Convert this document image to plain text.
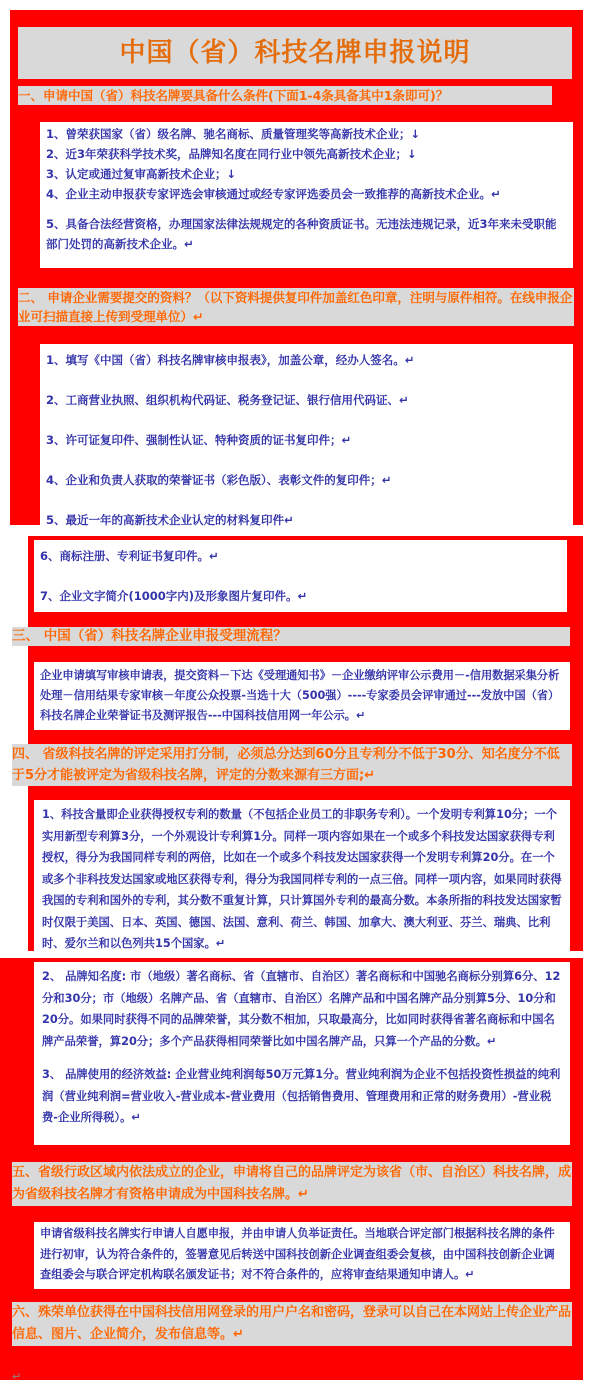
中国（省）科技名牌申报说明
一、申请中国（省）科技名牌要具备什么条件(下面1-4条具备其中1条即可)？

1、曾荣获国家（省）级名牌、驰名商标、质量管理奖等高新技术企业；↓

2、近3年荣获科学技术奖，品牌知名度在同行业中领先高新技术企业；↓

3、认定或通过复审高新技术企业；↓

4、企业主动申报获专家评选会审核通过或经专家评选委员会一致推荐的高新技术企业。↵

5、具备合法经营资格，办理国家法律法规规定的各种资质证书。无违法违规记录，近3年来未受职能部门处罚的高新技术企业。↵

二、 申请企业需要提交的资料？（以下资料提供复印件加盖红色印章，注明与原件相符。在线申报企业可扫描直接上传到受理单位）↵

1、填写《中国（省）科技名牌审核申报表》，加盖公章，经办人签名。↵

2、工商营业执照、组织机构代码证、税务登记证、银行信用代码证、↵

3、许可证复印件、强制性认证、特种资质的证书复印件；↵

4、企业和负责人获取的荣誉证书（彩色版）、表彰文件的复印件；↵

5、最近一年的高新技术企业认定的材料复印件↵

6、商标注册、专利证书复印件。↵

7、企业文字简介(1000字内)及形象图片复印件。↵

三、 中国（省）科技名牌企业申报受理流程？

企业申请填写审核申请表，提交资料－下达《受理通知书》－企业缴纳评审公示费用－-信用数据采集分析处理－信用结果专家审核－年度公众投票-当选十大（500强）----专家委员会评审通过---发放中国（省）科技名牌企业荣誉证书及测评报告---中国科技信用网一年公示。↵

四、 省级科技名牌的评定采用打分制，必须总分达到60分且专利分不低于30分、知名度分不低于5分才能被评定为省级科技名牌，评定的分数来源有三方面;↵

1、科技含量即企业获得授权专利的数量（不包括企业员工的非职务专利）。一个发明专利算10分；一个实用新型专利算3分，一个外观设计专利算1分。同样一项内容如果在一个或多个科技发达国家获得专利授权，得分为我国同样专利的两倍，比如在一个或多个科技发达国家获得一个发明专利算20分。在一个或多个非科技发达国家或地区获得专利，得分为我国同样专利的一点三倍。同样一项内容，如果同时获得我国的专利和国外的专利，其分数不重复计算，只计算国外专利的最高分数。本条所指的科技发达国家暂时仅限于美国、日本、英国、德国、法国、意利、荷兰、韩国、加拿大、澳大利亚、芬兰、瑞典、比利时、爱尔兰和以色列共15个国家。↵

2、 品牌知名度: 市（地级）著名商标、省（直辖市、自治区）著名商标和中国驰名商标分别算6分、12分和30分；市（地级）名牌产品、省（直辖市、自治区）名牌产品和中国名牌产品分别算5分、10分和20分。如果同时获得不同的品牌荣誉，其分数不相加，只取最高分，比如同时获得省著名商标和中国名牌产品荣誉，算20分；多个产品获得相同荣誉比如中国名牌产品，只算一个产品的分数。↵

3、 品牌使用的经济效益: 企业营业纯利润每50万元算1分。营业纯利润为企业不包括投资性损益的纯利润（营业纯利润=营业收入-营业成本-营业费用（包括销售费用、管理费用和正常的财务费用）-营业税费-企业所得税）。↵

五、省级行政区域内依法成立的企业，申请将自己的品牌评定为该省（市、自治区）科技名牌，成为省级科技名牌才有资格申请成为中国科技名牌。↵

申请省级科技名牌实行申请人自愿申报，并由申请人负举证责任。当地联合评定部门根据科技名牌的条件进行初审，认为符合条件的，签署意见后转送中国科技创新企业调查组委会复核，由中国科技创新企业调查组委会与联合评定机构联名颁发证书；对不符合条件的，应将审查结果通知申请人。↵

六、殊荣单位获得在中国科技信用网登录的用户户名和密码，登录可以自己在本网站上传企业产品信息、图片、企业简介，发布信息等。↵
↵
